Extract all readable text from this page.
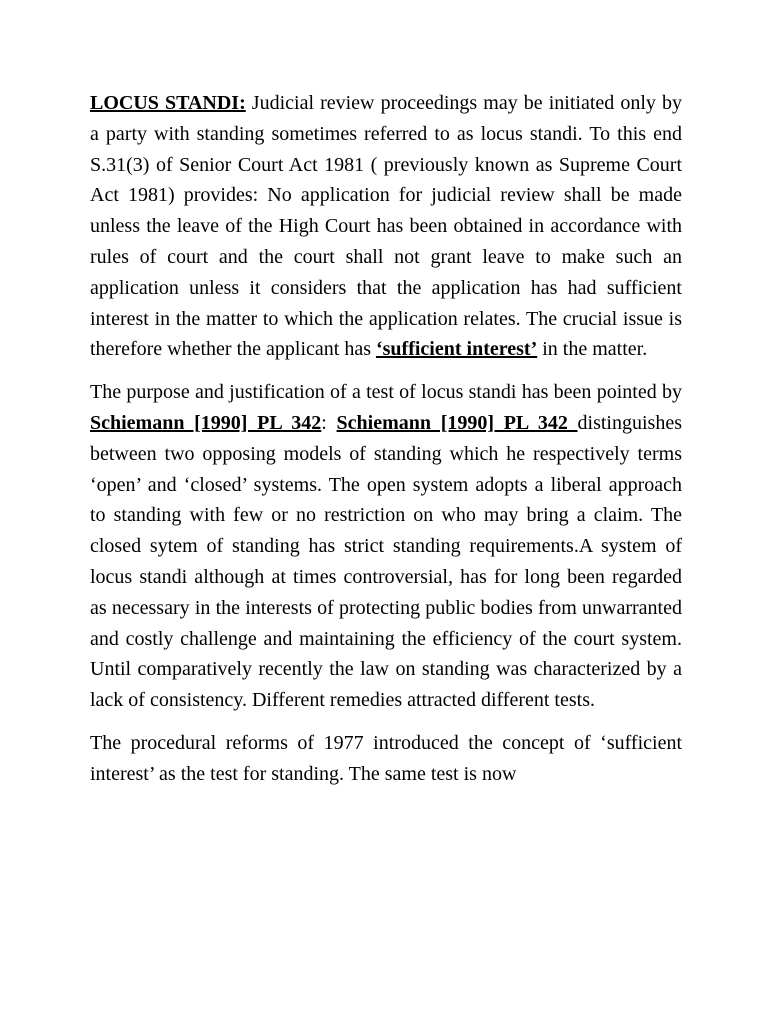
LOCUS STANDI: Judicial review proceedings may be initiated only by a party with standing sometimes referred to as locus standi. To this end S.31(3) of Senior Court Act 1981 ( previously known as Supreme Court Act 1981) provides: No application for judicial review shall be made unless the leave of the High Court has been obtained in accordance with rules of court and the court shall not grant leave to make such an application unless it considers that the application has had sufficient interest in the matter to which the application relates. The crucial issue is therefore whether the applicant has ‘sufficient interest’ in the matter.

The purpose and justification of a test of locus standi has been pointed by Schiemann [1990] PL 342: Schiemann [1990] PL 342 distinguishes between two opposing models of standing which he respectively terms ‘open’ and ‘closed’ systems. The open system adopts a liberal approach to standing with few or no restriction on who may bring a claim. The closed sytem of standing has strict standing requirements.A system of locus standi although at times controversial, has for long been regarded as necessary in the interests of protecting public bodies from unwarranted and costly challenge and maintaining the efficiency of the court system. Until comparatively recently the law on standing was characterized by a lack of consistency. Different remedies attracted different tests.

The procedural reforms of 1977 introduced the concept of ‘sufficient interest’ as the test for standing. The same test is now
